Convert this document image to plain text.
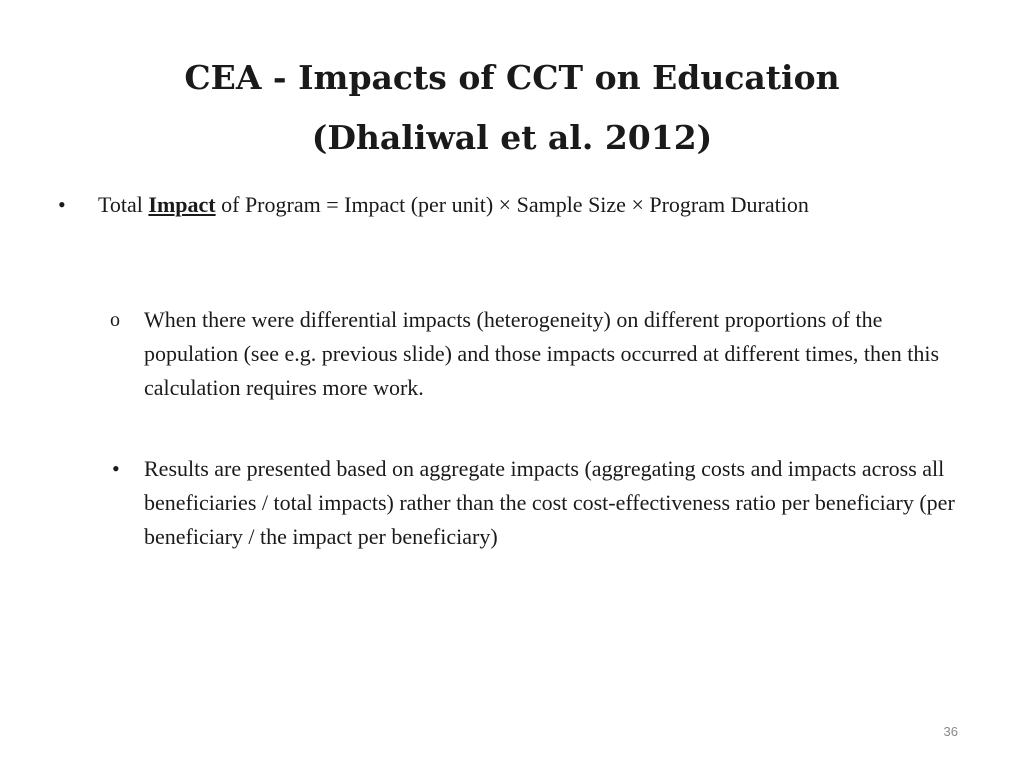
CEA - Impacts of CCT on Education
(Dhaliwal et al. 2012)
• Total Impact of Program = Impact (per unit) × Sample Size × Program Duration
o When there were differential impacts (heterogeneity) on different proportions of the population (see e.g. previous slide) and those impacts occurred at different times, then this calculation requires more work.
• Results are presented based on aggregate impacts (aggregating costs and impacts across all beneficiaries / total impacts) rather than the cost cost-effectiveness ratio per beneficiary (per beneficiary / the impact per beneficiary)
36
